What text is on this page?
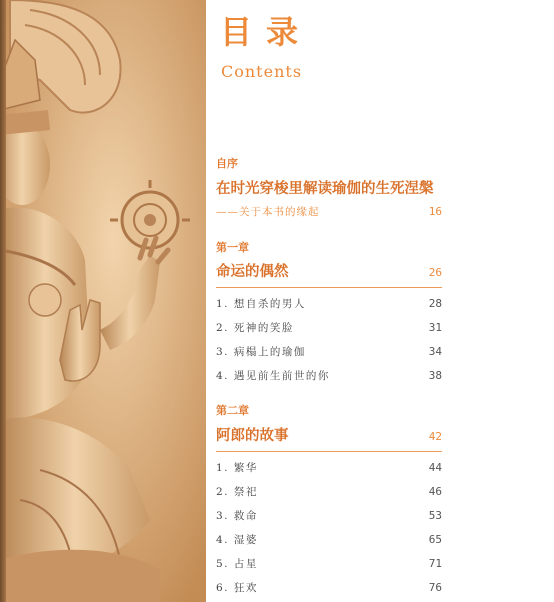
目录

Contents

自序

在时光穿梭里解读瑜伽的生死涅槃

——关于本书的缘起	16

第一章

命运的偶然	26

1. 想自杀的男人	28

2. 死神的笑脸	31

3. 病榻上的瑜伽	34

4. 遇见前生前世的你	38

第二章

阿郎的故事	42

1. 繁华	44

2. 祭祀	46

3. 救命	53

4. 湿婆	65

5. 占星	71

6. 狂欢	76
